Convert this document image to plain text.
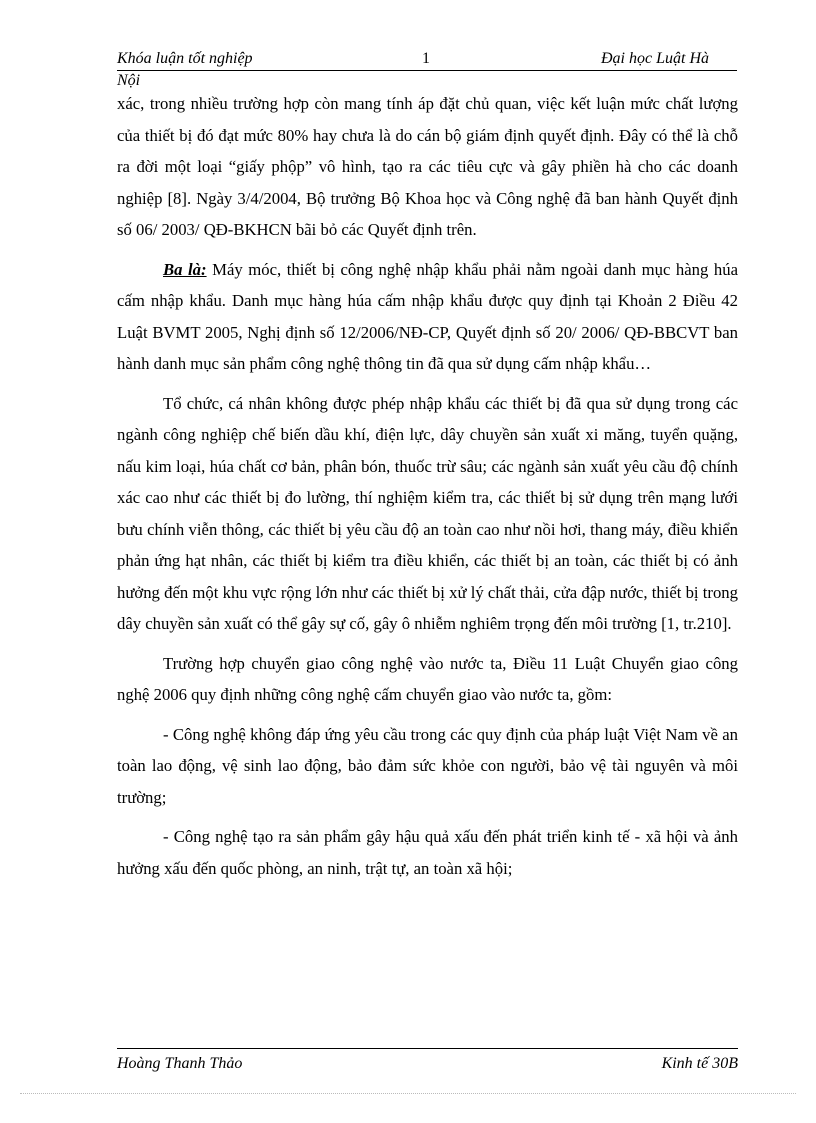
Khóa luận tốt nghiệp	1	Đại học Luật Hà
Nội

xác, trong nhiều trường hợp còn mang tính áp đặt chủ quan, việc kết luận mức chất lượng của thiết bị đó đạt mức 80% hay chưa là do cán bộ giám định quyết định. Đây có thể là chỗ ra đời một loại “giấy phộp” vô hình, tạo ra các tiêu cực và gây phiền hà cho các doanh nghiệp [8]. Ngày 3/4/2004, Bộ trưởng Bộ Khoa học và Công nghệ đã ban hành Quyết định số 06/ 2003/ QĐ-BKHCN bãi bỏ các Quyết định trên.

Ba là: Máy móc, thiết bị công nghệ nhập khẩu phải nằm ngoài danh mục hàng húa cấm nhập khẩu. Danh mục hàng húa cấm nhập khẩu được quy định tại Khoản 2 Điều 42 Luật BVMT 2005, Nghị định số 12/2006/NĐ-CP, Quyết định số 20/ 2006/ QĐ-BBCVT ban hành danh mục sản phẩm công nghệ thông tin đã qua sử dụng cấm nhập khẩu…

Tổ chức, cá nhân không được phép nhập khẩu các thiết bị đã qua sử dụng trong các ngành công nghiệp chế biến dầu khí, điện lực, dây chuyền sản xuất xi măng, tuyển quặng, nấu kim loại, húa chất cơ bản, phân bón, thuốc trừ sâu; các ngành sản xuất yêu cầu độ chính xác cao như các thiết bị đo lường, thí nghiệm kiểm tra, các thiết bị sử dụng trên mạng lưới bưu chính viễn thông, các thiết bị yêu cầu độ an toàn cao như nồi hơi, thang máy, điều khiển phản ứng hạt nhân, các thiết bị kiểm tra điều khiển, các thiết bị an toàn, các thiết bị có ảnh hưởng đến một khu vực rộng lớn như các thiết bị xử lý chất thải, cửa đập nước, thiết bị trong dây chuyền sản xuất có thể gây sự cố, gây ô nhiễm nghiêm trọng đến môi trường [1, tr.210].

Trường hợp chuyển giao công nghệ vào nước ta, Điều 11 Luật Chuyển giao công nghệ 2006 quy định những công nghệ cấm chuyển giao vào nước ta, gồm:

- Công nghệ không đáp ứng yêu cầu trong các quy định của pháp luật Việt Nam về an toàn lao động, vệ sinh lao động, bảo đảm sức khỏe con người, bảo vệ tài nguyên và môi trường;

- Công nghệ tạo ra sản phẩm gây hậu quả xấu đến phát triển kinh tế - xã hội và ảnh hưởng xấu đến quốc phòng, an ninh, trật tự, an toàn xã hội;

Hoàng Thanh Thảo	Kinh tế 30B
